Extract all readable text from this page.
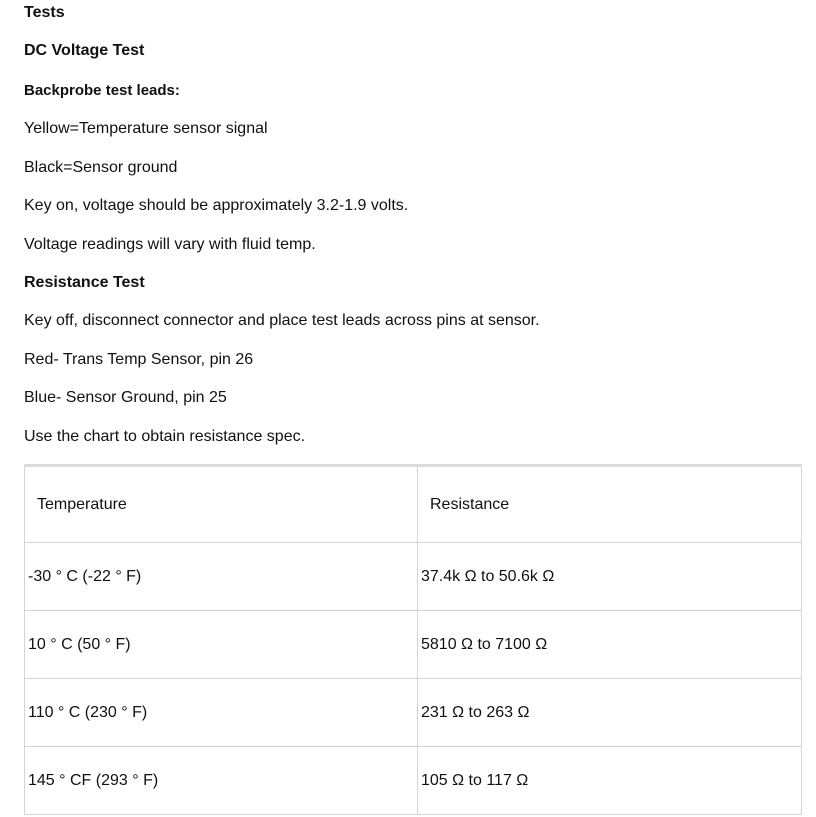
Tests
DC Voltage Test
Backprobe test leads:
Yellow=Temperature sensor signal
Black=Sensor ground
Key on, voltage should be approximately 3.2-1.9 volts.
Voltage readings will vary with fluid temp.
Resistance Test
Key off, disconnect connector and place test leads across pins at sensor.
Red- Trans Temp Sensor, pin 26
Blue- Sensor Ground, pin 25
Use the chart to obtain resistance spec.
Temperature	Resistance
-30 ° C (-22 ° F)	37.4k Ω to 50.6k Ω
10 ° C (50 ° F)	5810 Ω to 7100 Ω
110 ° C (230 ° F)	231 Ω to 263 Ω
145 ° CF (293 ° F)	105 Ω to 117 Ω
